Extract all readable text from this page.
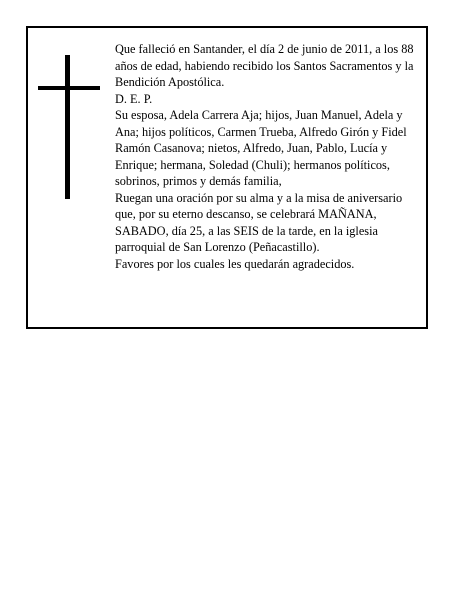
Que falleció en Santander, el día 2 de junio de 2011, a los 88 años de edad, habiendo recibido los Santos Sacramentos y la Bendición Apostólica.

D. E. P.

Su esposa, Adela Carrera Aja; hijos, Juan Manuel, Adela y Ana; hijos políticos, Carmen Trueba, Alfredo Girón y Fidel Ramón Casanova; nietos, Alfredo, Juan, Pablo, Lucía y Enrique; hermana, Soledad (Chuli); hermanos políticos, sobrinos, primos y demás familia,

Ruegan una oración por su alma y a la misa de aniversario que, por su eterno descanso, se celebrará MAÑANA, SABADO, día 25, a las SEIS de la tarde, en la iglesia parroquial de San Lorenzo (Peñacastillo).

Favores por los cuales les quedarán agradecidos.
